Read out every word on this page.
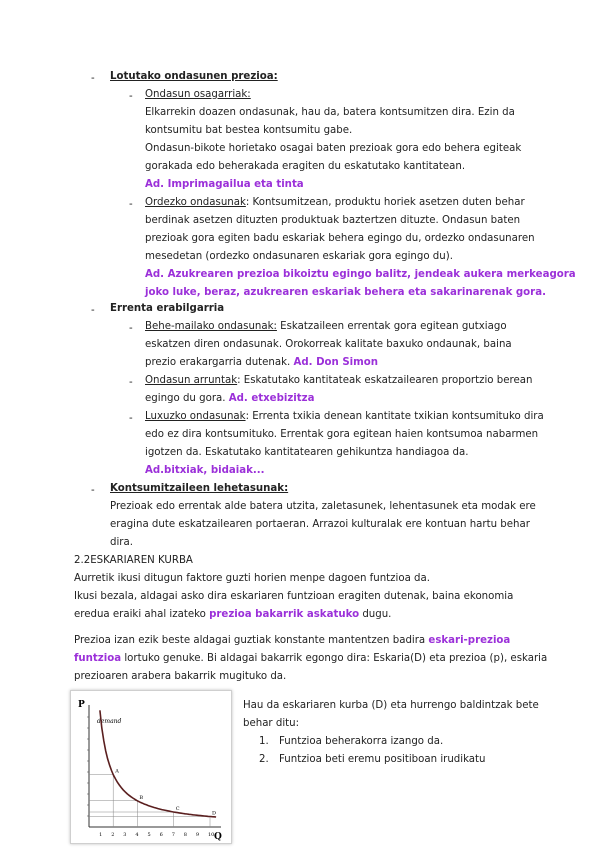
- Lotutako ondasunen prezioa:
- Ondasun osagarriak:
Elkarrekin doazen ondasunak, hau da, batera kontsumitzen dira. Ezin da
kontsumitu bat bestea kontsumitu gabe.
Ondasun-bikote horietako osagai baten prezioak gora edo behera egiteak
gorakada edo beherakada eragiten du eskatutako kantitatean.
Ad. Imprimagailua eta tinta
- Ordezko ondasunak: Kontsumitzean, produktu horiek asetzen duten behar
berdinak asetzen dituzten produktuak baztertzen dituzte. Ondasun baten
prezioak gora egiten badu eskariak behera egingo du, ordezko ondasunaren
mesedetan (ordezko ondasunaren eskariak gora egingo du).
Ad. Azukrearen prezioa bikoiztu egingo balitz, jendeak aukera merkeagora
joko luke, beraz, azukrearen eskariak behera eta sakarinarenak gora.
- Errenta erabilgarria
- Behe-mailako ondasunak: Eskatzaileen errentak gora egitean gutxiago
eskatzen diren ondasunak. Orokorreak kalitate baxuko ondaunak, baina
prezio erakargarria dutenak. Ad. Don Simon
- Ondasun arruntak: Eskatutako kantitateak eskatzailearen proportzio berean
egingo du gora. Ad. etxebizitza
- Luxuzko ondasunak: Errenta txikia denean kantitate txikian kontsumituko dira
edo ez dira kontsumituko. Errentak gora egitean haien kontsumoa nabarmen
igotzen da. Eskatutako kantitatearen gehikuntza handiagoa da.
Ad.bitxiak, bidaiak...
- Kontsumitzaileen lehetasunak:
Prezioak edo errentak alde batera utzita, zaletasunek, lehentasunek eta modak ere
eragina dute eskatzailearen portaeran. Arrazoi kulturalak ere kontuan hartu behar
dira.
2.2ESKARIAREN KURBA
Aurretik ikusi ditugun faktore guzti horien menpe dagoen funtzioa da.
Ikusi bezala, aldagai asko dira eskariaren funtzioan eragiten dutenak, baina ekonomia
eredua eraiki ahal izateko prezioa bakarrik askatuko dugu.
Prezioa izan ezik beste aldagai guztiak konstante mantentzen badira eskari-prezioa
funtzioa lortuko genuke. Bi aldagai bakarrik egongo dira: Eskaria(D) eta prezioa (p), eskaria
prezioaren arabera bakarrik mugituko da.
P
Q
demand
1 2 3 4 5 6 7 8 9 10
A
B
C
D
Hau da eskariaren kurba (D) eta hurrengo baldintzak bete
behar ditu:
1. Funtzioa beherakorra izango da.
2. Funtzioa beti eremu positiboan irudikatu
